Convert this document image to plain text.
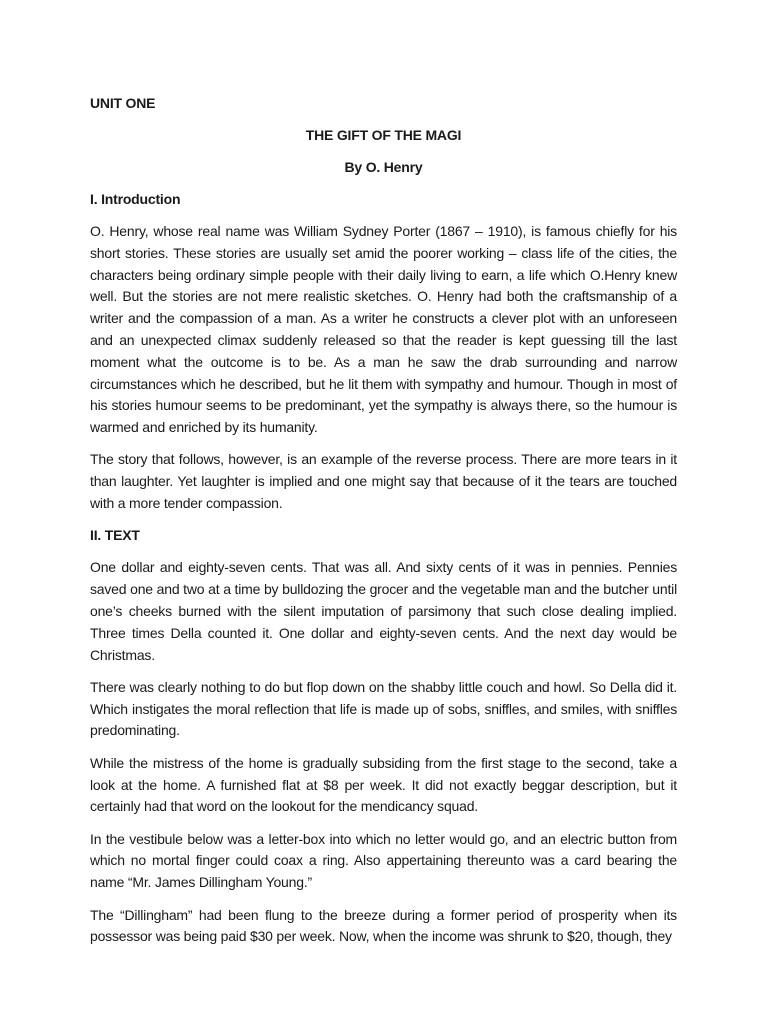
UNIT ONE

THE GIFT OF THE MAGI

By O. Henry

I. Introduction

O. Henry, whose real name was William Sydney Porter (1867 – 1910), is famous chiefly for his short stories. These stories are usually set amid the poorer working – class life of the cities, the characters being ordinary simple people with their daily living to earn, a life which O.Henry knew well. But the stories are not mere realistic sketches. O. Henry had both the craftsmanship of a writer and the compassion of a man. As a writer he constructs a clever plot with an unforeseen and an unexpected climax suddenly released so that the reader is kept guessing till the last moment what the outcome is to be. As a man he saw the drab surrounding and narrow circumstances which he described, but he lit them with sympathy and humour. Though in most of his stories humour seems to be predominant, yet the sympathy is always there, so the humour is warmed and enriched by its humanity.

The story that follows, however, is an example of the reverse process. There are more tears in it than laughter. Yet laughter is implied and one might say that because of it the tears are touched with a more tender compassion.

II. TEXT

One dollar and eighty-seven cents. That was all. And sixty cents of it was in pennies. Pennies saved one and two at a time by bulldozing the grocer and the vegetable man and the butcher until one’s cheeks burned with the silent imputation of parsimony that such close dealing implied. Three times Della counted it. One dollar and eighty-seven cents. And the next day would be Christmas.

There was clearly nothing to do but flop down on the shabby little couch and howl. So Della did it. Which instigates the moral reflection that life is made up of sobs, sniffles, and smiles, with sniffles predominating.

While the mistress of the home is gradually subsiding from the first stage to the second, take a look at the home. A furnished flat at $8 per week. It did not exactly beggar description, but it certainly had that word on the lookout for the mendicancy squad.

In the vestibule below was a letter-box into which no letter would go, and an electric button from which no mortal finger could coax a ring. Also appertaining thereunto was a card bearing the name “Mr. James Dillingham Young.”

The “Dillingham” had been flung to the breeze during a former period of prosperity when its possessor was being paid $30 per week. Now, when the income was shrunk to $20, though, they
